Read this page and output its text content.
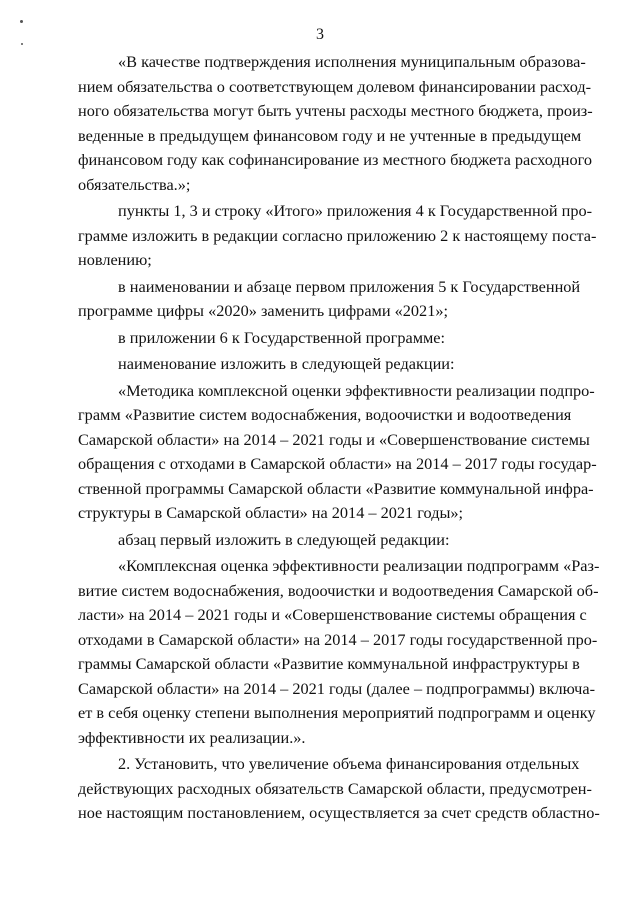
3
«В качестве подтверждения исполнения муниципальным образова-
нием обязательства о соответствующем долевом финансировании расход-
ного обязательства могут быть учтены расходы местного бюджета, произ-
веденные в предыдущем финансовом году и не учтенные в предыдущем
финансовом году как софинансирование из местного бюджета расходного
обязательства.»;
пункты 1, 3 и строку «Итого» приложения 4 к Государственной про-
грамме изложить в редакции согласно приложению 2 к настоящему поста-
новлению;
в наименовании и абзаце первом приложения 5 к Государственной
программе цифры «2020» заменить цифрами «2021»;
в приложении 6 к Государственной программе:
наименование изложить в следующей редакции:
«Методика комплексной оценки эффективности реализации подпро-
грамм «Развитие систем водоснабжения, водоочистки и водоотведения
Самарской области» на 2014 – 2021 годы и «Совершенствование системы
обращения с отходами в Самарской области» на 2014 – 2017 годы государ-
ственной программы Самарской области «Развитие коммунальной инфра-
структуры в Самарской области» на 2014 – 2021 годы»;
абзац первый изложить в следующей редакции:
«Комплексная оценка эффективности реализации подпрограмм «Раз-
витие систем водоснабжения, водоочистки и водоотведения Самарской об-
ласти» на 2014 – 2021 годы и «Совершенствование системы обращения с
отходами в Самарской области» на 2014 – 2017 годы государственной про-
граммы Самарской области «Развитие коммунальной инфраструктуры в
Самарской области» на 2014 – 2021 годы (далее – подпрограммы) включа-
ет в себя оценку степени выполнения мероприятий подпрограмм и оценку
эффективности их реализации.».
2. Установить, что увеличение объема финансирования отдельных
действующих расходных обязательств Самарской области, предусмотрен-
ное настоящим постановлением, осуществляется за счет средств областно-
